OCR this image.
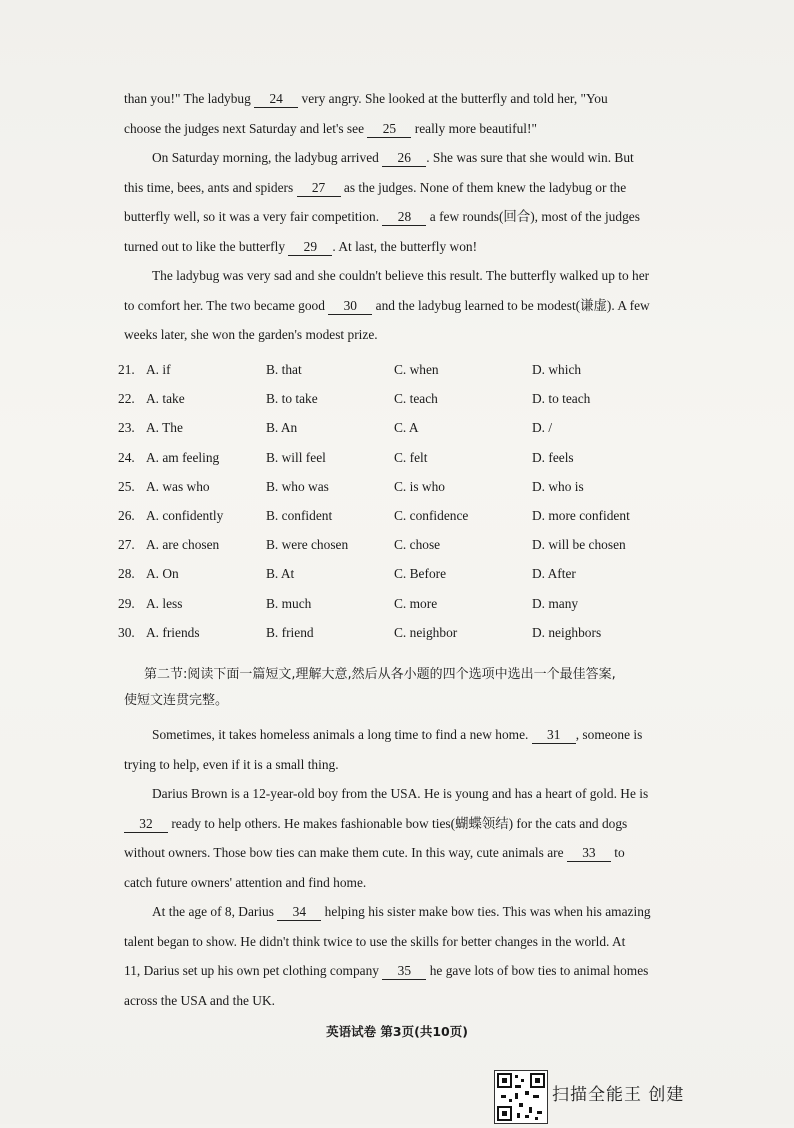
than you!" The ladybug 24 very angry. She looked at the butterfly and told her, "You
choose the judges next Saturday and let's see 25 really more beautiful!"
On Saturday morning, the ladybug arrived 26 . She was sure that she would win. But
this time, bees, ants and spiders 27 as the judges. None of them knew the ladybug or the
butterfly well, so it was a very fair competition. 28 a few rounds(回合), most of the judges
turned out to like the butterfly 29 . At last, the butterfly won!
The ladybug was very sad and she couldn't believe this result. The butterfly walked up to her
to comfort her. The two became good 30 and the ladybug learned to be modest(谦虚). A few
weeks later, she won the garden's modest prize.
21. A. if	B. that	C. when	D. which
22. A. take	B. to take	C. teach	D. to teach
23. A. The	B. An	C. A	D. /
24. A. am feeling	B. will feel	C. felt	D. feels
25. A. was who	B. who was	C. is who	D. who is
26. A. confidently	B. confident	C. confidence	D. more confident
27. A. are chosen	B. were chosen	C. chose	D. will be chosen
28. A. On	B. At	C. Before	D. After
29. A. less	B. much	C. more	D. many
30. A. friends	B. friend	C. neighbor	D. neighbors
第二节:阅读下面一篇短文,理解大意,然后从各小题的四个选项中选出一个最佳答案,
使短文连贯完整。
Sometimes, it takes homeless animals a long time to find a new home. 31 , someone is
trying to help, even if it is a small thing.
Darius Brown is a 12-year-old boy from the USA. He is young and has a heart of gold. He is
32 ready to help others. He makes fashionable bow ties(蝴蝶领结) for the cats and dogs
without owners. Those bow ties can make them cute. In this way, cute animals are 33 to
catch future owners' attention and find home.
At the age of 8, Darius 34 helping his sister make bow ties. This was when his amazing
talent began to show. He didn't think twice to use the skills for better changes in the world. At
11, Darius set up his own pet clothing company 35 he gave lots of bow ties to animal homes
across the USA and the UK.
英语试卷 第3页(共10页)
扫描全能王 创建
